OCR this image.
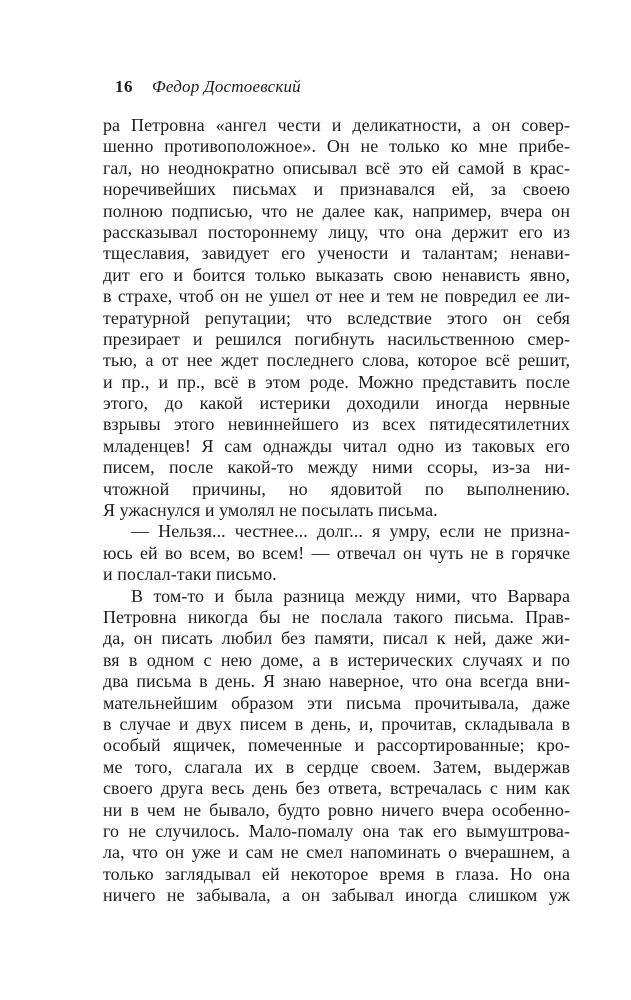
16 Федор Достоевский
ра Петровна «ангел чести и деликатности, а он совер-
шенно противоположное». Он не только ко мне прибе-
гал, но неоднократно описывал всё это ей самой в крас-
норечивейших письмах и признавался ей, за своею
полною подписью, что не далее как, например, вчера он
рассказывал постороннему лицу, что она держит его из
тщеславия, завидует его учености и талантам; ненави-
дит его и боится только выказать свою ненависть явно,
в страхе, чтоб он не ушел от нее и тем не повредил ее ли-
тературной репутации; что вследствие этого он себя
презирает и решился погибнуть насильственною смер-
тью, а от нее ждет последнего слова, которое всё решит,
и пр., и пр., всё в этом роде. Можно представить после
этого, до какой истерики доходили иногда нервные
взрывы этого невиннейшего из всех пятидесятилетних
младенцев! Я сам однажды читал одно из таковых его
писем, после какой-то между ними ссоры, из-за ни-
чтожной причины, но ядовитой по выполнению.
Я ужаснулся и умолял не посылать письма.
— Нельзя... честнее... долг... я умру, если не призна-
юсь ей во всем, во всем! — отвечал он чуть не в горячке
и послал-таки письмо.
В том-то и была разница между ними, что Варвара
Петровна никогда бы не послала такого письма. Прав-
да, он писать любил без памяти, писал к ней, даже жи-
вя в одном с нею доме, а в истерических случаях и по
два письма в день. Я знаю наверное, что она всегда вни-
мательнейшим образом эти письма прочитывала, даже
в случае и двух писем в день, и, прочитав, складывала в
особый ящичек, помеченные и рассортированные; кро-
ме того, слагала их в сердце своем. Затем, выдержав
своего друга весь день без ответа, встречалась с ним как
ни в чем не бывало, будто ровно ничего вчера особенно-
го не случилось. Мало-помалу она так его вымуштрова-
ла, что он уже и сам не смел напоминать о вчерашнем, а
только заглядывал ей некоторое время в глаза. Но она
ничего не забывала, а он забывал иногда слишком уж
